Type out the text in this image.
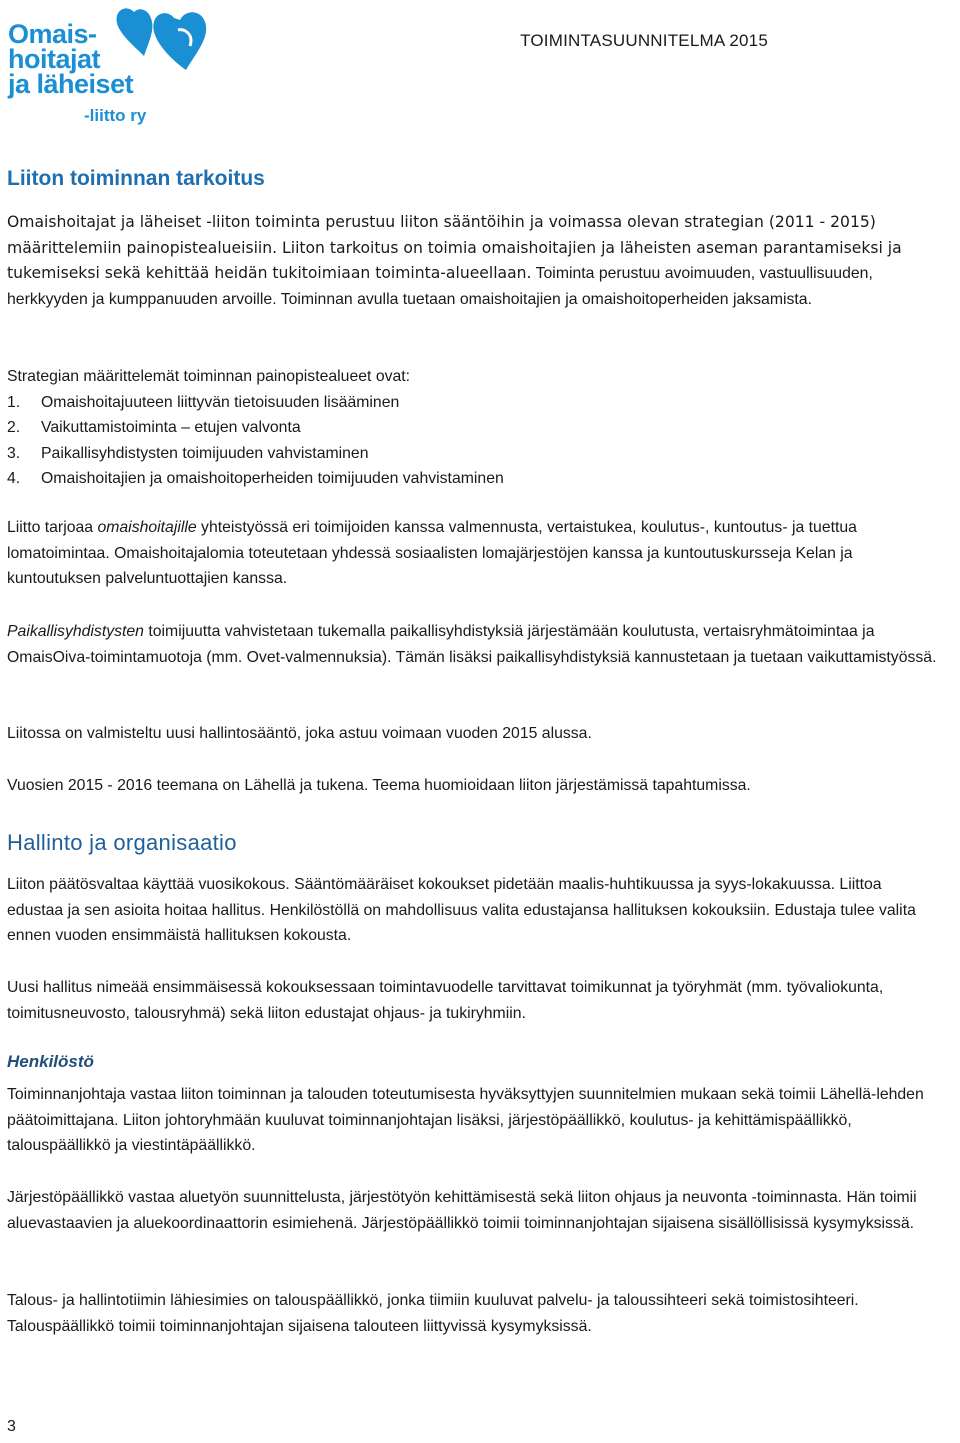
Omais-
hoitajat
ja läheiset
-liitto ry
TOIMINTASUUNNITELMA 2015
Liiton toiminnan tarkoitus
Omaishoitajat ja läheiset -liiton toiminta perustuu liiton sääntöihin ja voimassa olevan strategian (2011 - 2015) määrittelemiin painopistealueisiin. Liiton tarkoitus on toimia omaishoitajien ja läheisten aseman parantamiseksi ja tukemiseksi sekä kehittää heidän tukitoimiaan toiminta-alueellaan. Toiminta perustuu avoimuuden, vastuullisuuden, herkkyyden ja kumppanuuden arvoille. Toiminnan avulla tuetaan omaishoitajien ja omaishoitoperheiden jaksamista.
Strategian määrittelemät toiminnan painopistealueet ovat:
1.	Omaishoitajuuteen liittyvän tietoisuuden lisääminen
2.	Vaikuttamistoiminta – etujen valvonta
3.	Paikallisyhdistysten toimijuuden vahvistaminen
4.	Omaishoitajien ja omaishoitoperheiden toimijuuden vahvistaminen
Liitto tarjoaa omaishoitajille yhteistyössä eri toimijoiden kanssa valmennusta, vertaistukea, koulutus-, kuntoutus- ja tuettua lomatoimintaa. Omaishoitajalomia toteutetaan yhdessä sosiaalisten lomajärjestöjen kanssa ja kuntoutuskursseja Kelan ja kuntoutuksen palveluntuottajien kanssa.
Paikallisyhdistysten toimijuutta vahvistetaan tukemalla paikallisyhdistyksiä järjestämään koulutusta, vertaisryhmätoimintaa ja OmaisOiva-toimintamuotoja (mm. Ovet-valmennuksia). Tämän lisäksi paikallisyhdistyksiä kannustetaan ja tuetaan vaikuttamistyössä.
Liitossa on valmisteltu uusi hallintosääntö, joka astuu voimaan vuoden 2015 alussa.
Vuosien 2015 - 2016 teemana on Lähellä ja tukena. Teema huomioidaan liiton järjestämissä tapahtumissa.
Hallinto ja organisaatio
Liiton päätösvaltaa käyttää vuosikokous. Sääntömääräiset kokoukset pidetään maalis-huhtikuussa ja syys-lokakuussa. Liittoa edustaa ja sen asioita hoitaa hallitus. Henkilöstöllä on mahdollisuus valita edustajansa hallituksen kokouksiin. Edustaja tulee valita ennen vuoden ensimmäistä hallituksen kokousta.
Uusi hallitus nimeää ensimmäisessä kokouksessaan toimintavuodelle tarvittavat toimikunnat ja työryhmät (mm. työvaliokunta, toimitusneuvosto, talousryhmä) sekä liiton edustajat ohjaus- ja tukiryhmiin.
Henkilöstö
Toiminnanjohtaja vastaa liiton toiminnan ja talouden toteutumisesta hyväksyttyjen suunnitelmien mukaan sekä toimii Lähellä-lehden päätoimittajana. Liiton johtoryhmään kuuluvat toiminnanjohtajan lisäksi, järjestöpäällikkö, koulutus- ja kehittämispäällikkö, talouspäällikkö ja viestintäpäällikkö.
Järjestöpäällikkö vastaa aluetyön suunnittelusta, järjestötyön kehittämisestä sekä liiton ohjaus ja neuvonta -toiminnasta. Hän toimii aluevastaavien ja aluekoordinaattorin esimiehenä. Järjestöpäällikkö toimii toiminnanjohtajan sijaisena sisällöllisissä kysymyksissä.
Talous- ja hallintotiimin lähiesimies on talouspäällikkö, jonka tiimiin kuuluvat palvelu- ja taloussihteeri sekä toimistosihteeri. Talouspäällikkö toimii toiminnanjohtajan sijaisena talouteen liittyvissä kysymyksissä.
3
